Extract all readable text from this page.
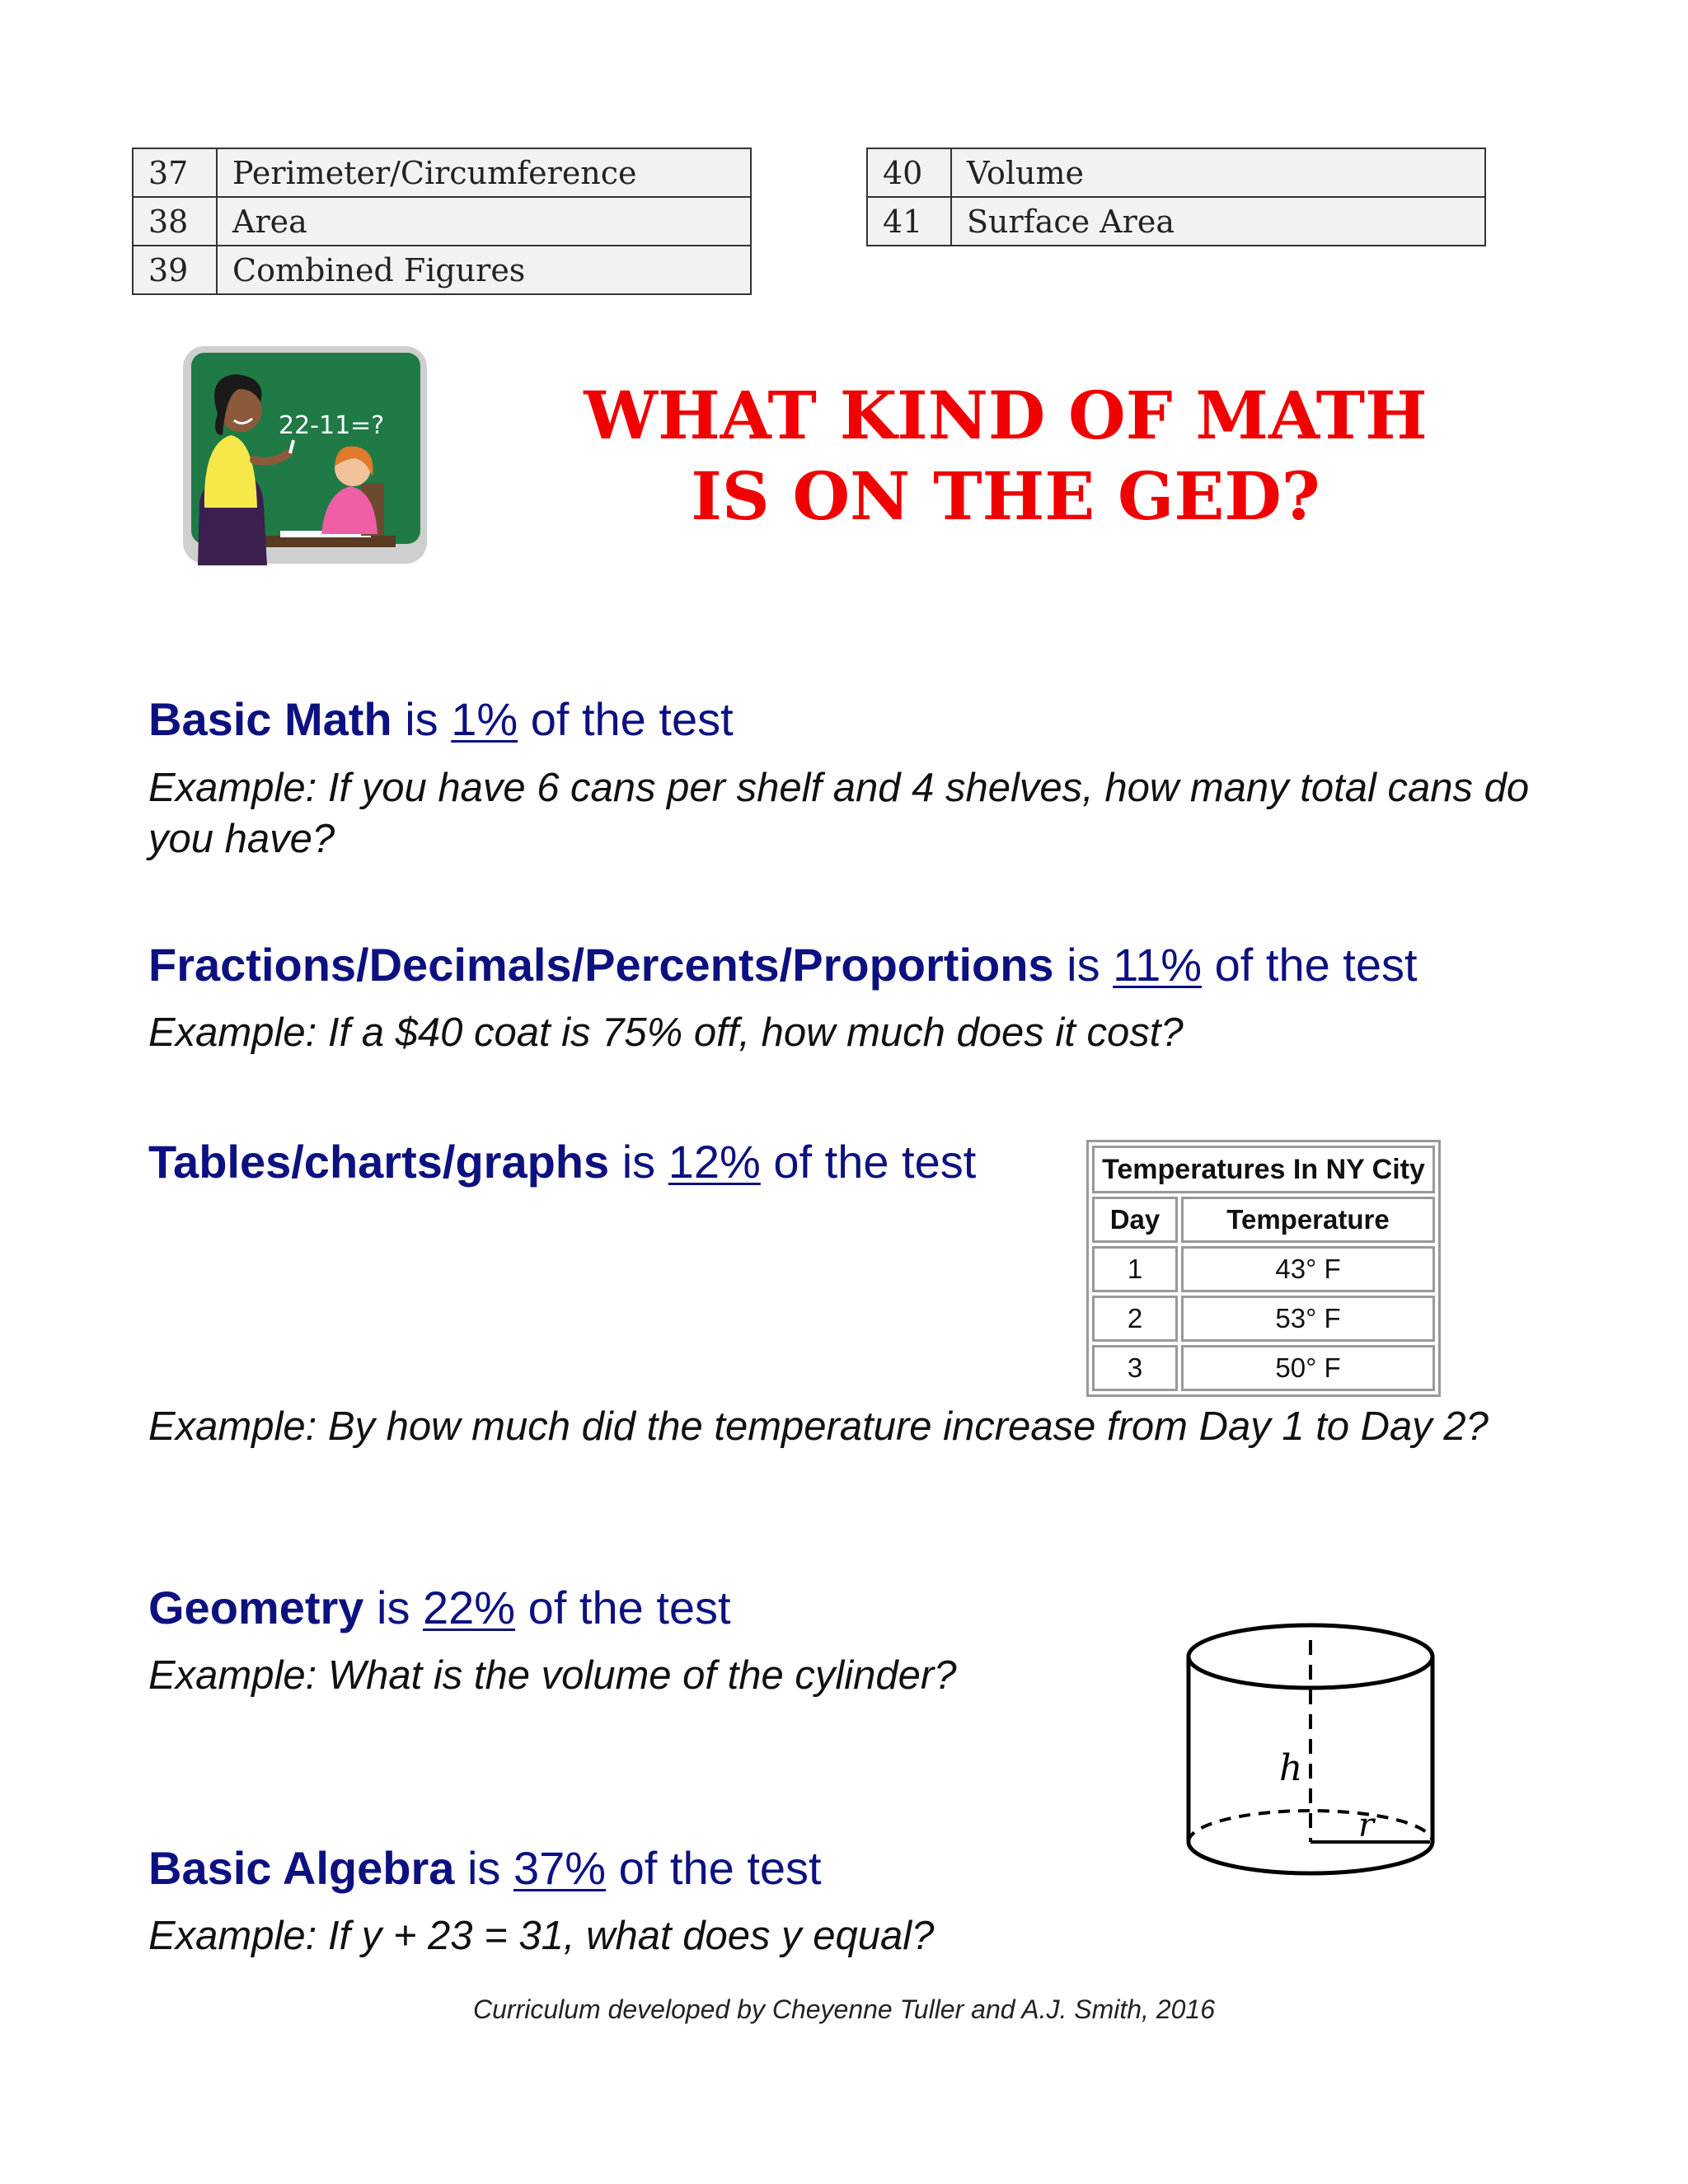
37	Perimeter/Circumference
38	Area
39	Combined Figures
40	Volume
41	Surface Area
22-11=?	WHAT KIND OF MATH
IS ON THE GED?
Basic Math is 1% of the test
Example: If you have 6 cans per shelf and 4 shelves, how many total cans do you have?
Fractions/Decimals/Percents/Proportions is 11% of the test
Example: If a $40 coat is 75% off, how much does it cost?
Tables/charts/graphs is 12% of the test	Temperatures In NY City	
Day	Temperature
1	43° F
2	53° F
3	50° F
Example: By how much did the temperature increase from Day 1 to Day 2?
Geometry is 22% of the test
Example: What is the volume of the cylinder?
h
r
Basic Algebra is 37% of the test
Example: If y + 23 = 31, what does y equal?
Curriculum developed by Cheyenne Tuller and A.J. Smith, 2016
